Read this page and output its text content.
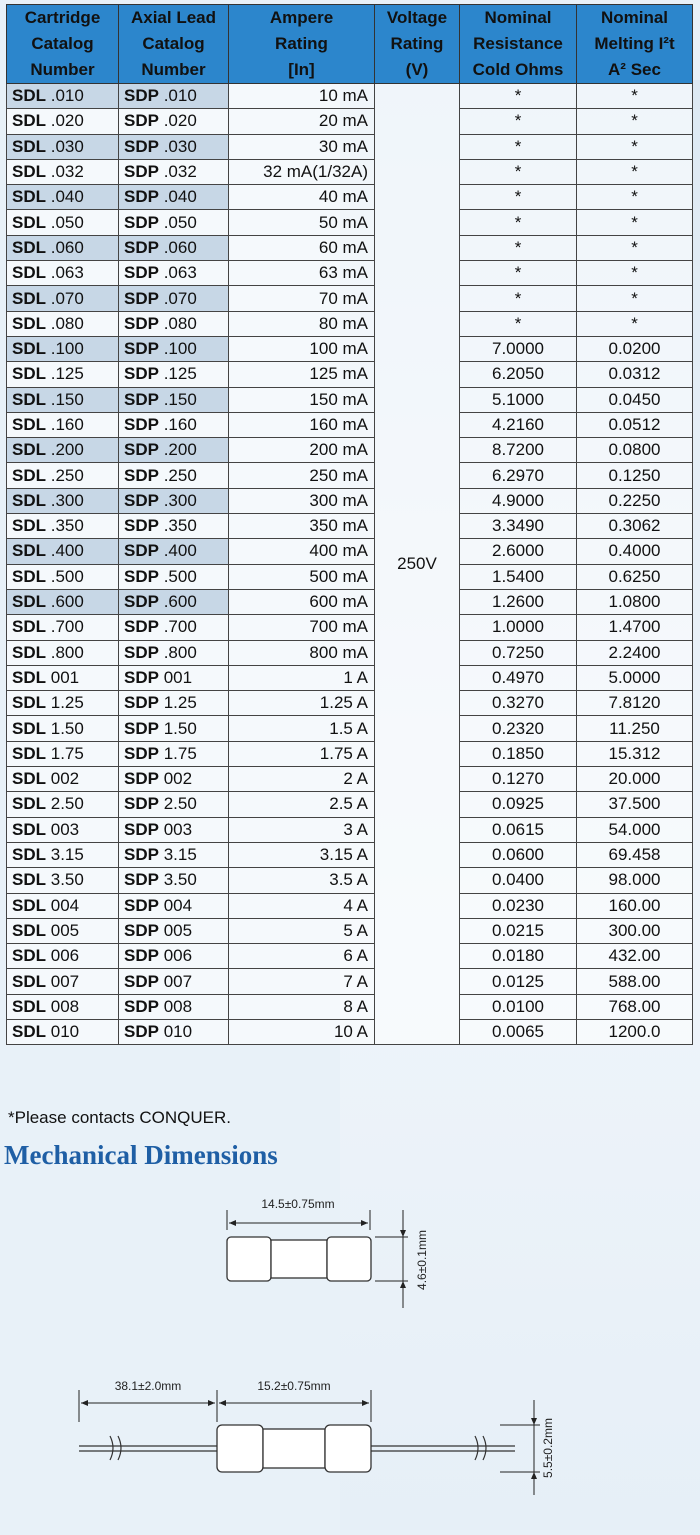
Cartridge
Catalog
Number	Axial Lead
Catalog
Number	Ampere
Rating
[In]	Voltage
Rating
(V)	Nominal
Resistance
Cold Ohms	Nominal
Melting I²t
A² Sec
SDL .010	SDP .010	10 mA	250V	*	*
SDL .020	SDP .020	20 mA		*	*
SDL .030	SDP .030	30 mA		*	*
SDL .032	SDP .032	32 mA(1/32A)		*	*
SDL .040	SDP .040	40 mA		*	*
SDL .050	SDP .050	50 mA		*	*
SDL .060	SDP .060	60 mA		*	*
SDL .063	SDP .063	63 mA		*	*
SDL .070	SDP .070	70 mA		*	*
SDL .080	SDP .080	80 mA		*	*
SDL .100	SDP .100	100 mA		7.0000	0.0200
SDL .125	SDP .125	125 mA		6.2050	0.0312
SDL .150	SDP .150	150 mA		5.1000	0.0450
SDL .160	SDP .160	160 mA		4.2160	0.0512
SDL .200	SDP .200	200 mA		8.7200	0.0800
SDL .250	SDP .250	250 mA		6.2970	0.1250
SDL .300	SDP .300	300 mA		4.9000	0.2250
SDL .350	SDP .350	350 mA		3.3490	0.3062
SDL .400	SDP .400	400 mA		2.6000	0.4000
SDL .500	SDP .500	500 mA		1.5400	0.6250
SDL .600	SDP .600	600 mA		1.2600	1.0800
SDL .700	SDP .700	700 mA		1.0000	1.4700
SDL .800	SDP .800	800 mA		0.7250	2.2400
SDL 001	SDP 001	1 A		0.4970	5.0000
SDL 1.25	SDP 1.25	1.25 A		0.3270	7.8120
SDL 1.50	SDP 1.50	1.5 A		0.2320	11.250
SDL 1.75	SDP 1.75	1.75 A		0.1850	15.312
SDL 002	SDP 002	2 A		0.1270	20.000
SDL 2.50	SDP 2.50	2.5 A		0.0925	37.500
SDL 003	SDP 003	3 A		0.0615	54.000
SDL 3.15	SDP 3.15	3.15 A		0.0600	69.458
SDL 3.50	SDP 3.50	3.5 A		0.0400	98.000
SDL 004	SDP 004	4 A		0.0230	160.00
SDL 005	SDP 005	5 A		0.0215	300.00
SDL 006	SDP 006	6 A		0.0180	432.00
SDL 007	SDP 007	7 A		0.0125	588.00
SDL 008	SDP 008	8 A		0.0100	768.00
SDL 010	SDP 010	10 A		0.0065	1200.0
*Please contacts CONQUER.
Mechanical Dimensions
14.5±0.75mm
4.6±0.1mm
38.1±2.0mm	15.2±0.75mm
5.5±0.2mm
